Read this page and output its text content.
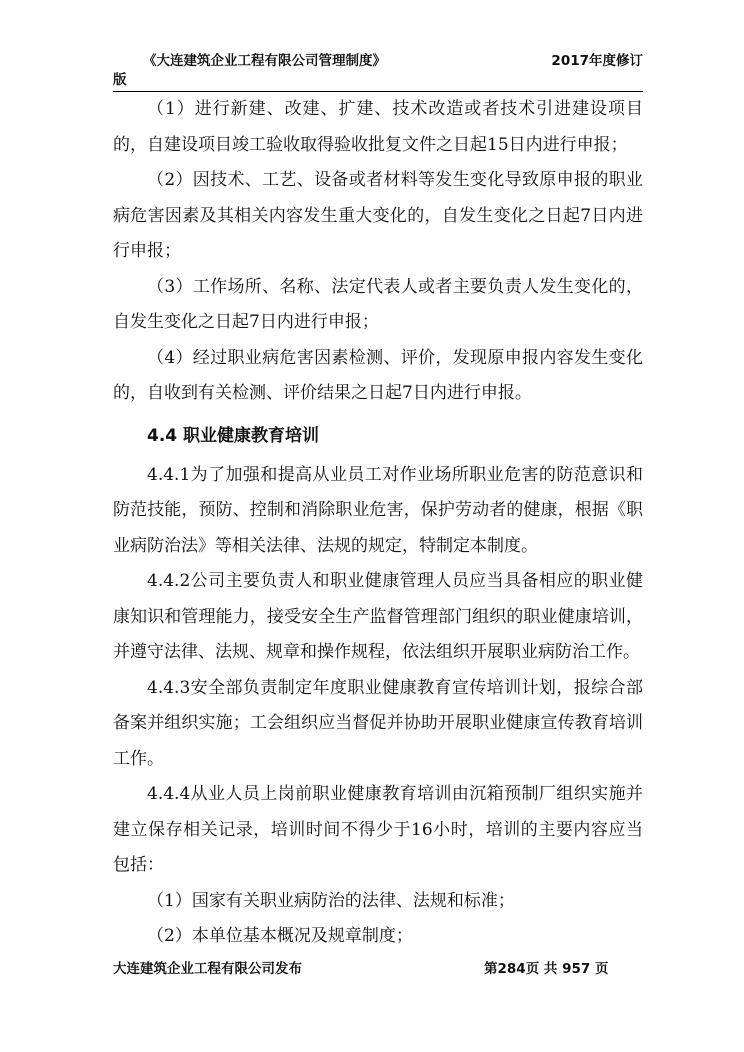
《大连建筑企业工程有限公司管理制度》	2017年度修订
版

（1）进行新建、改建、扩建、技术改造或者技术引进建设项目的，自建设项目竣工验收取得验收批复文件之日起15日内进行申报；

（2）因技术、工艺、设备或者材料等发生变化导致原申报的职业病危害因素及其相关内容发生重大变化的，自发生变化之日起7日内进行申报；

（3）工作场所、名称、法定代表人或者主要负责人发生变化的，自发生变化之日起7日内进行申报；

（4）经过职业病危害因素检测、评价，发现原申报内容发生变化的，自收到有关检测、评价结果之日起7日内进行申报。

4.4 职业健康教育培训

4.4.1为了加强和提高从业员工对作业场所职业危害的防范意识和防范技能，预防、控制和消除职业危害，保护劳动者的健康，根据《职业病防治法》等相关法律、法规的规定，特制定本制度。

4.4.2公司主要负责人和职业健康管理人员应当具备相应的职业健康知识和管理能力，接受安全生产监督管理部门组织的职业健康培训，并遵守法律、法规、规章和操作规程，依法组织开展职业病防治工作。

4.4.3安全部负责制定年度职业健康教育宣传培训计划，报综合部备案并组织实施；工会组织应当督促并协助开展职业健康宣传教育培训工作。

4.4.4从业人员上岗前职业健康教育培训由沉箱预制厂组织实施并建立保存相关记录，培训时间不得少于16小时，培训的主要内容应当包括：

（1）国家有关职业病防治的法律、法规和标准；

（2）本单位基本概况及规章制度；

大连建筑企业工程有限公司发布	第284页 共 957 页
